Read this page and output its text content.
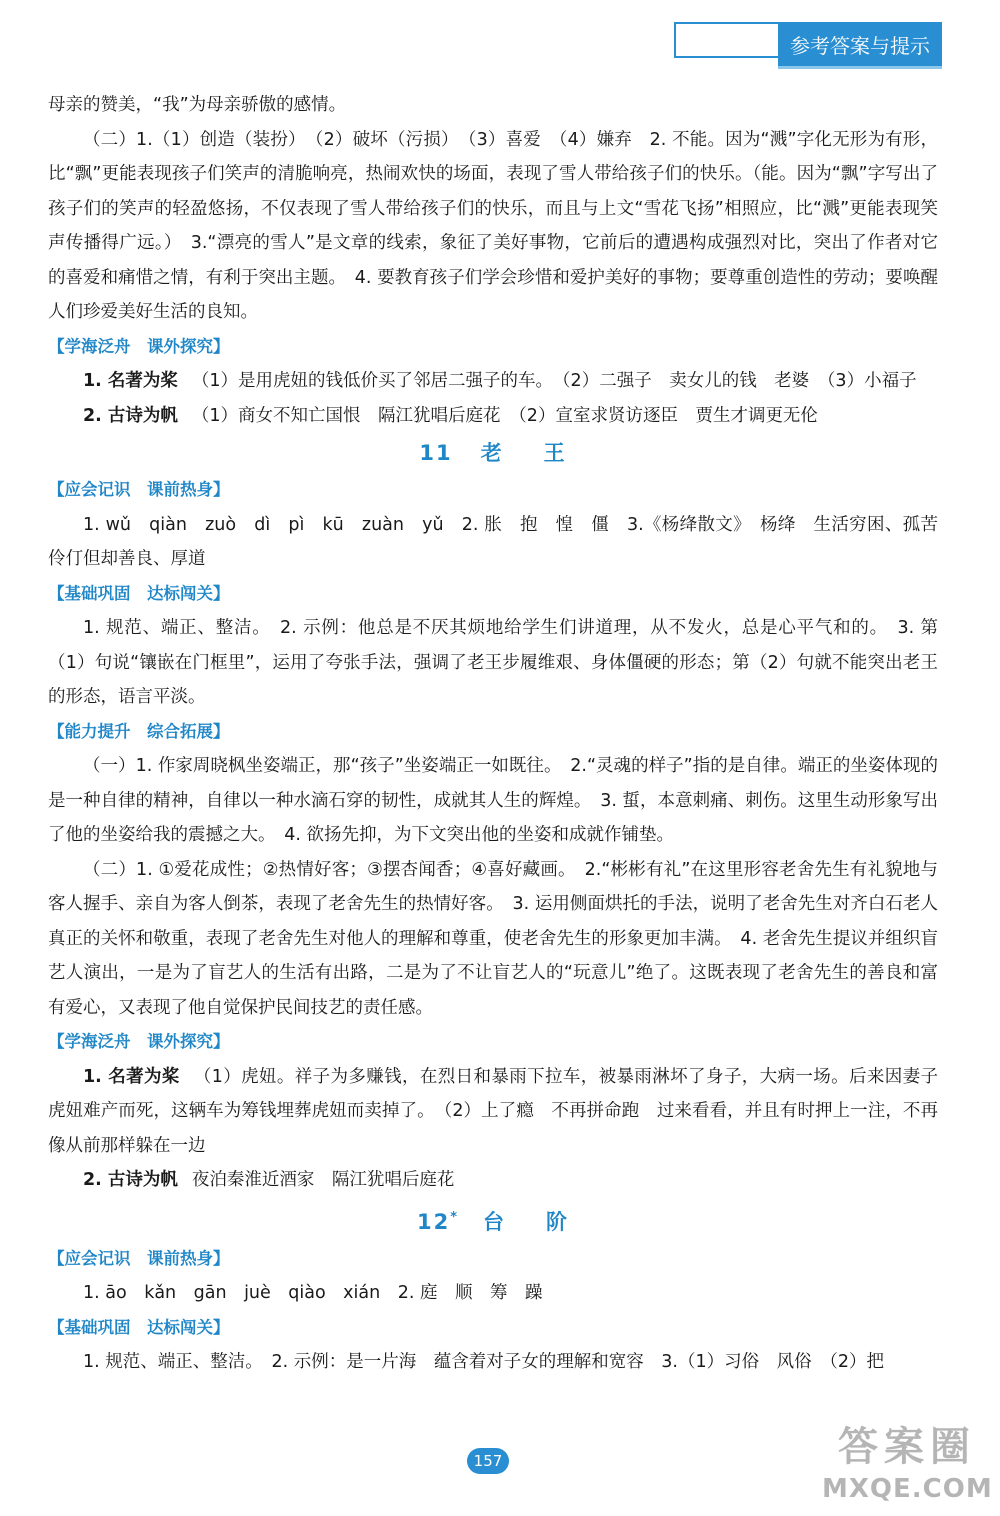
参考答案与提示

母亲的赞美，“我”为母亲骄傲的感情。

（二）1.（1）创造（装扮）　（2）破坏（污损）　（3）喜爱　（4）嫌弃　2. 不能。因为“溅”字化无形为有形，比“飘”更能表现孩子们笑声的清脆响亮，热闹欢快的场面，表现了雪人带给孩子们的快乐。（能。因为“飘”字写出了孩子们的笑声的轻盈悠扬，不仅表现了雪人带给孩子们的快乐，而且与上文“雪花飞扬”相照应，比“溅”更能表现笑声传播得广远。）　3.“漂亮的雪人”是文章的线索，象征了美好事物，它前后的遭遇构成强烈对比，突出了作者对它的喜爱和痛惜之情，有利于突出主题。　4. 要教育孩子们学会珍惜和爱护美好的事物；要尊重创造性的劳动；要唤醒人们珍爱美好生活的良知。

【学海泛舟　课外探究】

1. 名著为桨 （1）是用虎妞的钱低价买了邻居二强子的车。　（2）二强子　卖女儿的钱　老婆　（3）小福子

2. 古诗为帆 （1）商女不知亡国恨　隔江犹唱后庭花　（2）宣室求贤访逐臣　贾生才调更无伦

11 老 王

【应会记识　课前热身】

1. wǔ　qiàn　zuò　dì　pì　kū　zuàn　yǔ　2. 胀　抱　惶　僵　3.《杨绛散文》　杨绛　生活穷困、孤苦伶仃但却善良、厚道

【基础巩固　达标闯关】

1. 规范、端正、整洁。　2. 示例：他总是不厌其烦地给学生们讲道理，从不发火，总是心平气和的。　3. 第（1）句说“镶嵌在门框里”，运用了夸张手法，强调了老王步履维艰、身体僵硬的形态；第（2）句就不能突出老王的形态，语言平淡。

【能力提升　综合拓展】

（一）1. 作家周晓枫坐姿端正，那“孩子”坐姿端正一如既往。　2.“灵魂的样子”指的是自律。端正的坐姿体现的是一种自律的精神，自律以一种水滴石穿的韧性，成就其人生的辉煌。　3. 蜇，本意刺痛、刺伤。这里生动形象写出了他的坐姿给我的震撼之大。　4. 欲扬先抑，为下文突出他的坐姿和成就作铺垫。

（二）1. ①爱花成性；②热情好客；③摆杏闻香；④喜好藏画。　2.“彬彬有礼”在这里形容老舍先生有礼貌地与客人握手、亲自为客人倒茶，表现了老舍先生的热情好客。　3. 运用侧面烘托的手法，说明了老舍先生对齐白石老人真正的关怀和敬重，表现了老舍先生对他人的理解和尊重，使老舍先生的形象更加丰满。　4. 老舍先生提议并组织盲艺人演出，一是为了盲艺人的生活有出路，二是为了不让盲艺人的“玩意儿”绝了。这既表现了老舍先生的善良和富有爱心，又表现了他自觉保护民间技艺的责任感。

【学海泛舟　课外探究】

1. 名著为桨 （1）虎妞。祥子为多赚钱，在烈日和暴雨下拉车，被暴雨淋坏了身子，大病一场。后来因妻子虎妞难产而死，这辆车为筹钱埋葬虎妞而卖掉了。　（2）上了瘾　不再拼命跑　过来看看，并且有时押上一注，不再像从前那样躲在一边

2. 古诗为帆 夜泊秦淮近酒家　隔江犹唱后庭花

12* 台 阶

【应会记识　课前热身】

1. āo　kǎn　gān　juè　qiào　xián　2. 庭　顺　筹　躁

【基础巩固　达标闯关】

1. 规范、端正、整洁。　2. 示例：是一片海　蕴含着对子女的理解和宽容　3.（1）习俗　风俗　（2）把

157	答案圈
MXQE.COM
